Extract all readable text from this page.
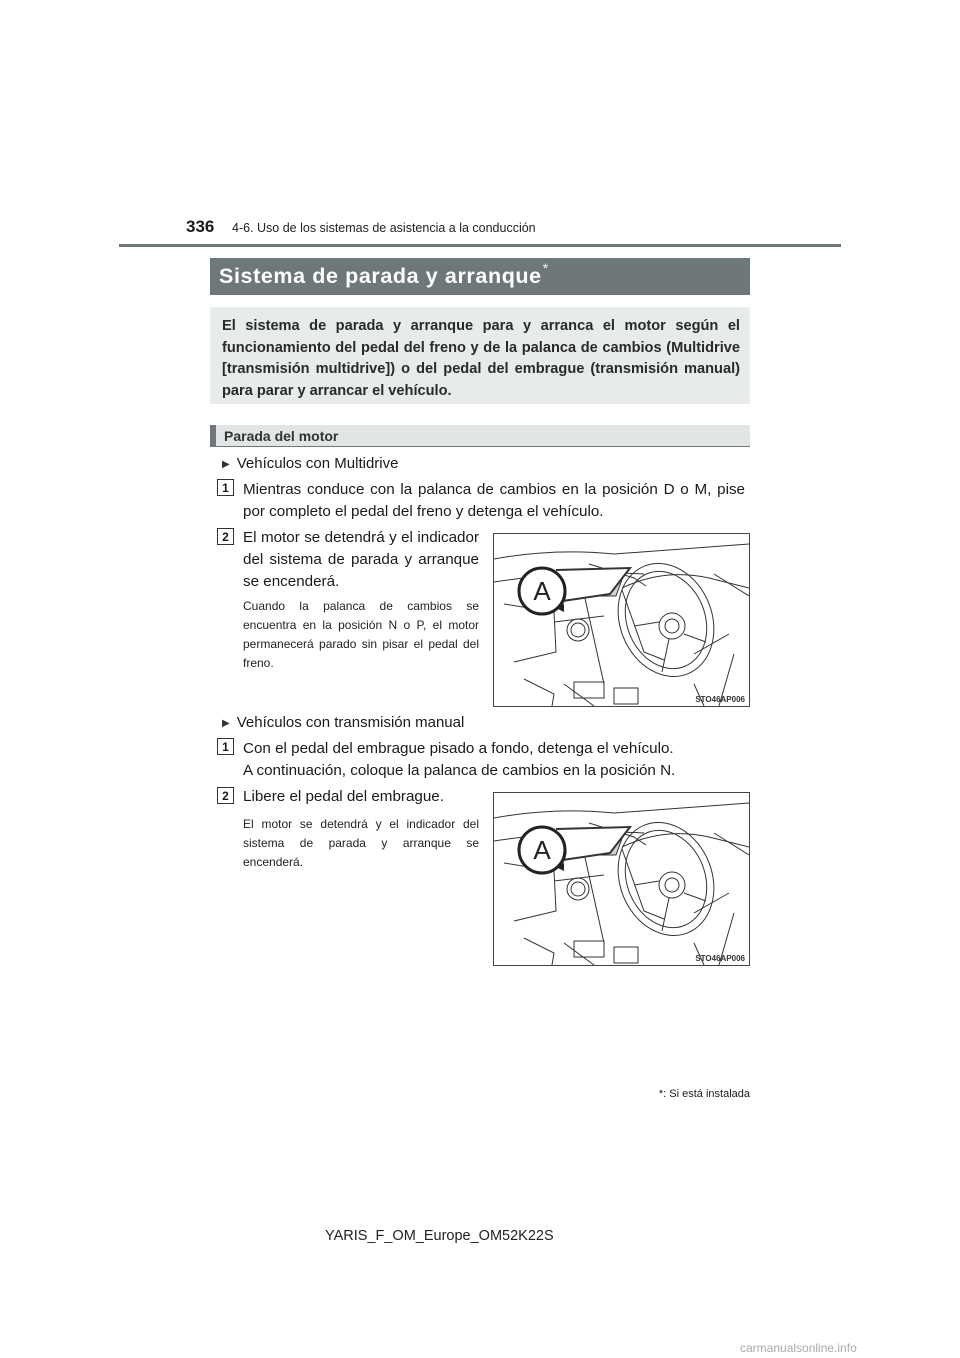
336 4-6. Uso de los sistemas de asistencia a la conducción
Sistema de parada y arranque *
El sistema de parada y arranque para y arranca el motor según el funcionamiento del pedal del freno y de la palanca de cambios (Multidrive [transmisión multidrive]) o del pedal del embrague (transmisión manual) para parar y arrancar el vehículo.
Parada del motor
▶ Vehículos con Multidrive
1 Mientras conduce con la palanca de cambios en la posición D o M, pise por completo el pedal del freno y detenga el vehículo.
2 El motor se detendrá y el indicador del sistema de parada y arranque se encenderá.
Cuando la palanca de cambios se encuentra en la posición N o P, el motor permanecerá parado sin pisar el pedal del freno.
A
STO46AP006
▶ Vehículos con transmisión manual
1 Con el pedal del embrague pisado a fondo, detenga el vehículo.
A continuación, coloque la palanca de cambios en la posición N.
2 Libere el pedal del embrague.
El motor se detendrá y el indicador del sistema de parada y arranque se encenderá.	A
STO46AP006
*: Si está instalada
YARIS_F_OM_Europe_OM52K22S
carmanualsonline.info
